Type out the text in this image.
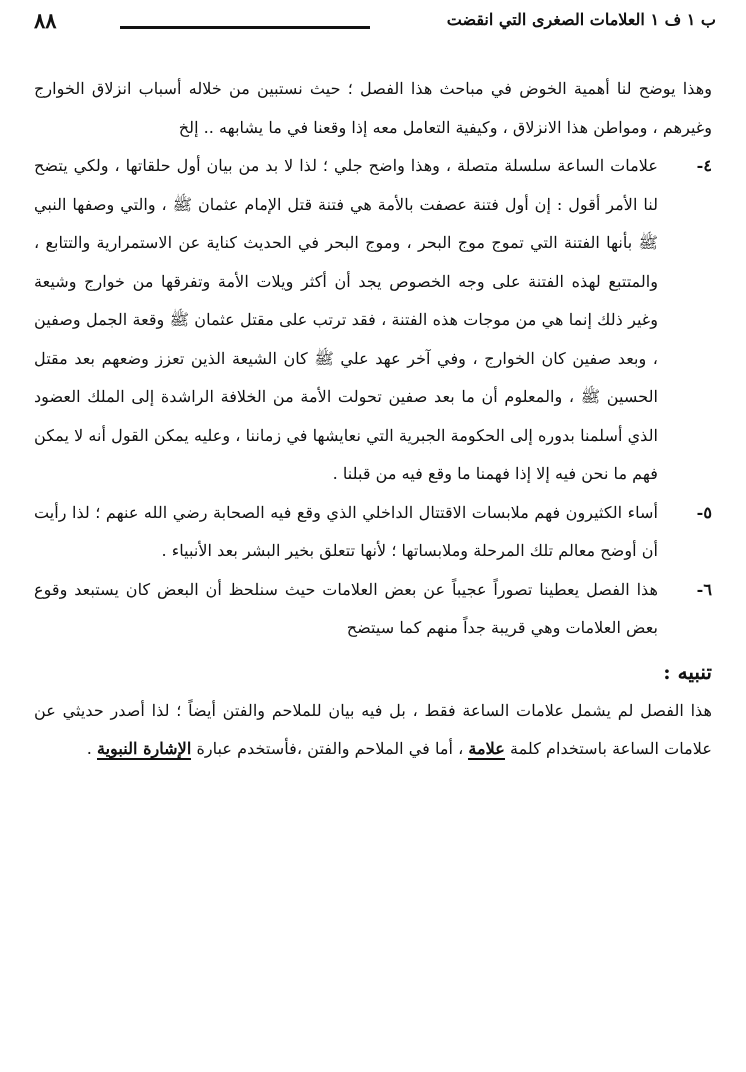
ب ١ ف ١ العلامات الصغرى التي انقضت
٨٨

وهذا يوضح لنا أهمية الخوض في مباحث هذا الفصل ؛ حيث نستبين من خلاله أسباب انزلاق الخوارج وغيرهم ، ومواطن هذا الانزلاق ، وكيفية التعامل معه إذا وقعنا في ما يشابهه .. إلخ

٤-

علامات الساعة سلسلة متصلة ، وهذا واضح جلي ؛ لذا لا بد من بيان أول حلقاتها ، ولكي يتضح لنا الأمر أقول : إن أول فتنة عصفت بالأمة هي فتنة قتل الإمام عثمان ﷺ ، والتي وصفها النبي ﷺ بأنها الفتنة التي تموج موج البحر ، وموج البحر في الحديث كناية عن الاستمرارية والتتابع ، والمتتبع لهذه الفتنة على وجه الخصوص يجد أن أكثر ويلات الأمة وتفرقها من خوارج وشيعة وغير ذلك إنما هي من موجات هذه الفتنة ، فقد ترتب على مقتل عثمان ﷺ وقعة الجمل وصفين ، وبعد صفين كان الخوارج ، وفي آخر عهد علي ﷺ كان الشيعة الذين تعزز وضعهم بعد مقتل الحسين ﷺ ، والمعلوم أن ما بعد صفين تحولت الأمة من الخلافة الراشدة إلى الملك العضود الذي أسلمنا بدوره إلى الحكومة الجبرية التي نعايشها في زماننا ، وعليه يمكن القول أنه لا يمكن فهم ما نحن فيه إلا إذا فهمنا ما وقع فيه من قبلنا .

٥-

أساء الكثيرون فهم ملابسات الاقتتال الداخلي الذي وقع فيه الصحابة رضي الله عنهم ؛ لذا رأيت أن أوضح معالم تلك المرحلة وملابساتها ؛ لأنها تتعلق بخير البشر بعد الأنبياء .

٦-

هذا الفصل يعطينا تصوراً عجيباً عن بعض العلامات حيث سنلحظ أن البعض كان يستبعد وقوع بعض العلامات وهي قريبة جداً منهم كما سيتضح

تنبيه :

هذا الفصل لم يشمل علامات الساعة فقط ، بل فيه بيان للملاحم والفتن أيضاً ؛ لذا أصدر حديثي عن علامات الساعة باستخدام كلمة علامة ، أما في الملاحم والفتن ،فأستخدم عبارة الإشارة النبوية .
